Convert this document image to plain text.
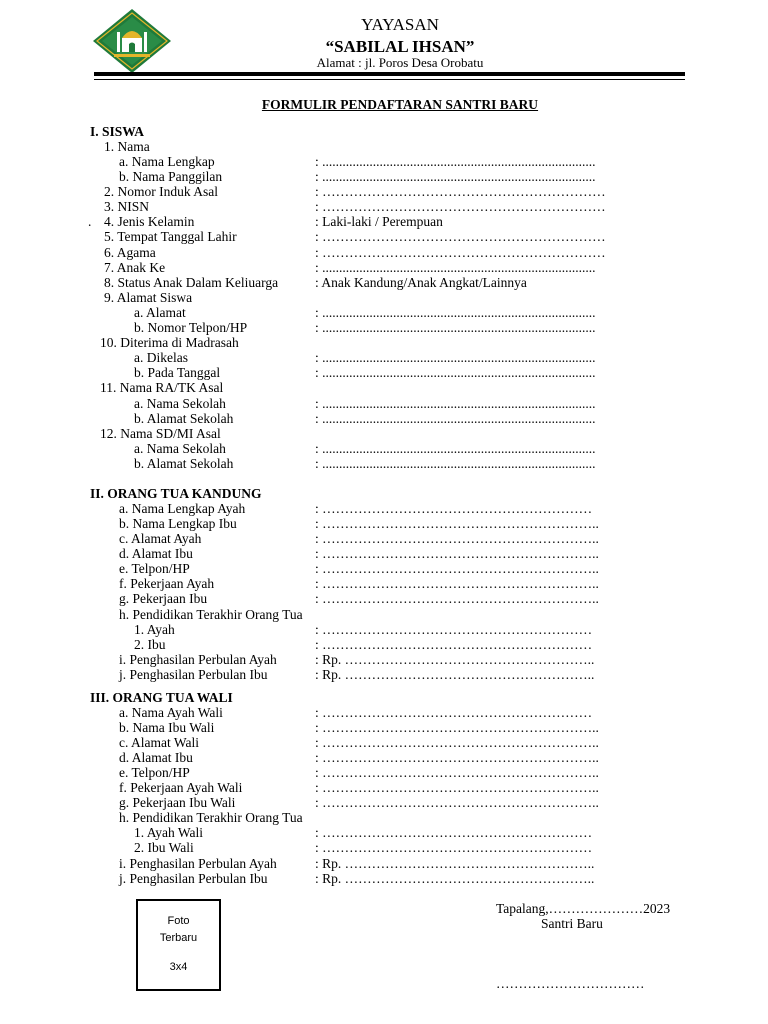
YAYASAN
“SABILAL IHSAN”
Alamat : jl. Poros Desa Orobatu
FORMULIR PENDAFTARAN SANTRI BARU
I. SISWA
II. ORANG TUA KANDUNG
III. ORANG TUA WALI
1. Nama
a. Nama Lengkap	: .................................................................................
b. Nama Panggilan	: .................................................................................
2. Nomor Induk Asal	: ………………………………………………………
3. NISN	: ………………………………………………………
. 4. Jenis Kelamin	: Laki-laki / Perempuan
5. Tempat Tanggal Lahir	: ………………………………………………………
6. Agama	: ………………………………………………………
7. Anak Ke	: .................................................................................
8. Status Anak Dalam Keliuarga	: Anak Kandung/Anak Angkat/Lainnya
9. Alamat Siswa
a. Alamat	: .................................................................................
b. Nomor Telpon/HP	: .................................................................................
10. Diterima di Madrasah
a. Dikelas	: .................................................................................
b. Pada Tanggal	: .................................................................................
11. Nama RA/TK Asal
a. Nama Sekolah	: .................................................................................
b. Alamat Sekolah	: .................................................................................
12. Nama SD/MI Asal
a. Nama Sekolah	: .................................................................................
b. Alamat Sekolah	: .................................................................................
a. Nama Lengkap Ayah	: ……………………………………………………
b. Nama Lengkap Ibu	: ……………………………………………………..
c. Alamat Ayah	: ……………………………………………………..
d. Alamat Ibu	: ……………………………………………………..
e. Telpon/HP	: ……………………………………………………..
f. Pekerjaan Ayah	: ……………………………………………………..
g. Pekerjaan Ibu	: ……………………………………………………..
h. Pendidikan Terakhir Orang Tua
1. Ayah	: ……………………………………………………
2. Ibu	: ……………………………………………………
i. Penghasilan Perbulan Ayah	: Rp. ………………………………………………..
j. Penghasilan Perbulan Ibu	: Rp. ………………………………………………..
a. Nama Ayah Wali	: ……………………………………………………
b. Nama Ibu Wali	: ……………………………………………………..
c. Alamat Wali	: ……………………………………………………..
d. Alamat Ibu	: ……………………………………………………..
e. Telpon/HP	: ……………………………………………………..
f. Pekerjaan Ayah Wali	: ……………………………………………………..
g. Pekerjaan Ibu Wali	: ……………………………………………………..
h. Pendidikan Terakhir Orang Tua
1. Ayah Wali	: ……………………………………………………
2. Ibu Wali	: ……………………………………………………
i. Penghasilan Perbulan Ayah	: Rp. ………………………………………………..
j. Penghasilan Perbulan Ibu	: Rp. ………………………………………………..
Foto
Terbaru
3x4
Tapalang,…………………2023
Santri Baru
……………………………
